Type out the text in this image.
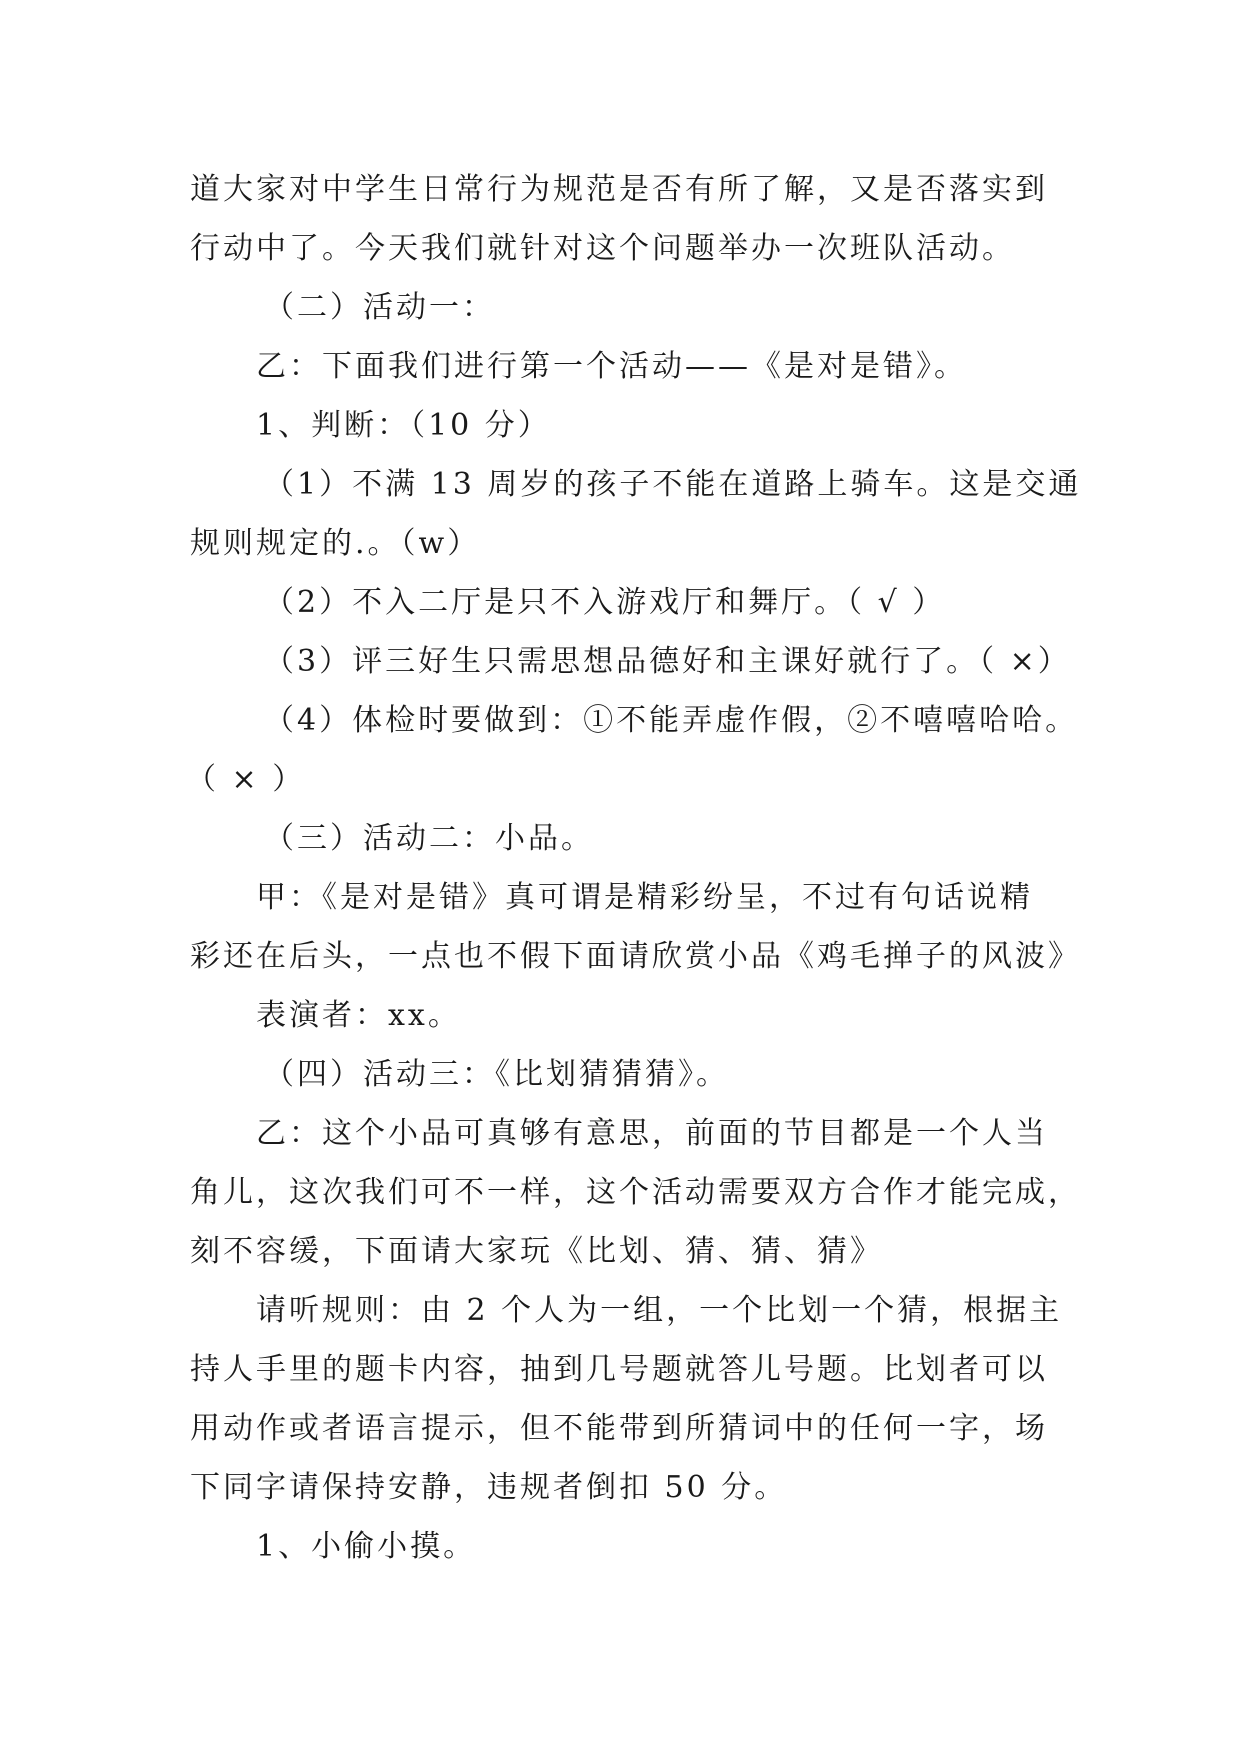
道大家对中学生日常行为规范是否有所了解，又是否落实到
行动中了。今天我们就针对这个问题举办一次班队活动。
（二）活动一：
乙：下面我们进行第一个活动——《是对是错》。
1、判断：（10 分）
（1）不满 13 周岁的孩子不能在道路上骑车。这是交通
规则规定的.。（w）
（2）不入二厅是只不入游戏厅和舞厅。（ √ ）
（3）评三好生只需思想品德好和主课好就行了。（ ×）
（4）体检时要做到：①不能弄虚作假，②不嘻嘻哈哈。
（ × ）
（三）活动二：小品。
甲：《是对是错》真可谓是精彩纷呈，不过有句话说精
彩还在后头，一点也不假下面请欣赏小品《鸡毛掸子的风波》
表演者：xx。
（四）活动三：《比划猜猜猜》。
乙：这个小品可真够有意思，前面的节目都是一个人当
角儿，这次我们可不一样，这个活动需要双方合作才能完成，
刻不容缓，下面请大家玩《比划、猜、猜、猜》
请听规则：由 2 个人为一组，一个比划一个猜，根据主
持人手里的题卡内容，抽到几号题就答儿号题。比划者可以
用动作或者语言提示，但不能带到所猜词中的任何一字，场
下同字请保持安静，违规者倒扣 50 分。
1、小偷小摸。
